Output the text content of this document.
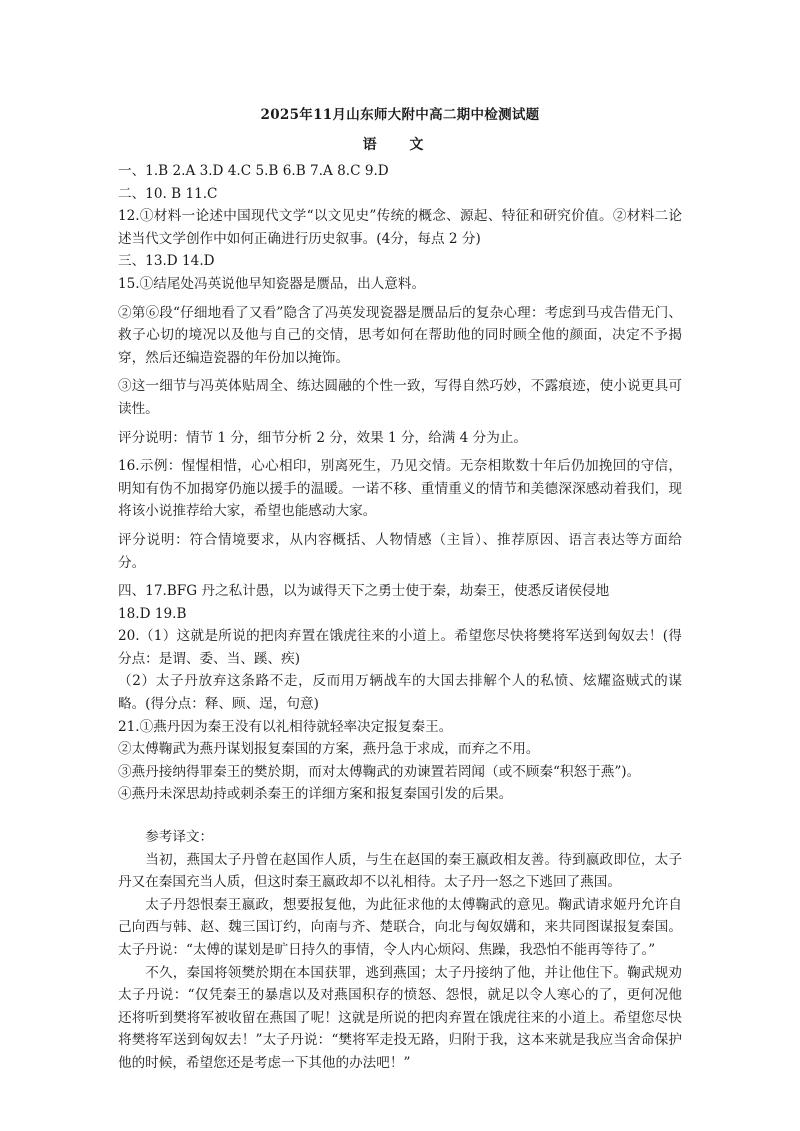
2025年11月山东师大附中高二期中检测试题
语 文

一、1.B 2.A 3.D 4.C 5.B 6.B 7.A 8.C 9.D

二、10. B 11.C

12.①材料一论述中国现代文学“以文见史”传统的概念、源起、特征和研究价值。②材料二论述当代文学创作中如何正确进行历史叙事。(4分，每点 2 分)

三、13.D 14.D

15.①结尾处冯英说他早知瓷器是赝品，出人意料。

②第⑥段“仔细地看了又看”隐含了冯英发现瓷器是赝品后的复杂心理：考虑到马戎告借无门、救子心切的境况以及他与自己的交情，思考如何在帮助他的同时顾全他的颜面，决定不予揭穿，然后还编造瓷器的年份加以掩饰。

③这一细节与冯英体贴周全、练达圆融的个性一致，写得自然巧妙，不露痕迹，使小说更具可读性。

评分说明：情节 1 分，细节分析 2 分，效果 1 分，给满 4 分为止。

16.示例：惺惺相惜，心心相印，别离死生，乃见交情。无奈相欺数十年后仍加挽回的守信，明知有伪不加揭穿仍施以援手的温暖。一诺不移、重情重义的情节和美德深深感动着我们，现将该小说推荐给大家，希望也能感动大家。

评分说明：符合情境要求，从内容概括、人物情感（主旨）、推荐原因、语言表达等方面给分。

四、17.BFG 丹之私计愚，以为诚得天下之勇士使于秦，劫秦王，使悉反诸侯侵地

18.D 19.B

20.（1）这就是所说的把肉弃置在饿虎往来的小道上。希望您尽快将樊将军送到匈奴去！(得分点：是谓、委、当、蹊、疾)

（2）太子丹放弃这条路不走，反而用万辆战车的大国去排解个人的私愤、炫耀盗贼式的谋略。(得分点：释、顾、逞，句意)

21.①燕丹因为秦王没有以礼相待就轻率决定报复秦王。

②太傅鞠武为燕丹谋划报复秦国的方案，燕丹急于求成，而弃之不用。

③燕丹接纳得罪秦王的樊於期，而对太傅鞠武的劝谏置若罔闻（或不顾秦“积怒于燕”)。

④燕丹未深思劫持或刺杀秦王的详细方案和报复秦国引发的后果。

参考译文：

当初，燕国太子丹曾在赵国作人质，与生在赵国的秦王嬴政相友善。待到嬴政即位，太子丹又在秦国充当人质，但这时秦王嬴政却不以礼相待。太子丹一怒之下逃回了燕国。

太子丹怨恨秦王嬴政，想要报复他，为此征求他的太傅鞠武的意见。鞠武请求姬丹允许自己向西与韩、赵、魏三国订约，向南与齐、楚联合，向北与匈奴媾和，来共同图谋报复秦国。太子丹说：“太傅的谋划是旷日持久的事情，令人内心烦闷、焦躁，我恐怕不能再等待了。”

不久，秦国将领樊於期在本国获罪，逃到燕国；太子丹接纳了他，并让他住下。鞠武规劝太子丹说：“仅凭秦王的暴虐以及对燕国积存的愤怒、怨恨，就足以令人寒心的了，更何况他还将听到樊将军被收留在燕国了呢！这就是所说的把肉弃置在饿虎往来的小道上。希望您尽快将樊将军送到匈奴去！”太子丹说：“樊将军走投无路，归附于我，这本来就是我应当舍命保护他的时候，希望您还是考虑一下其他的办法吧！”
